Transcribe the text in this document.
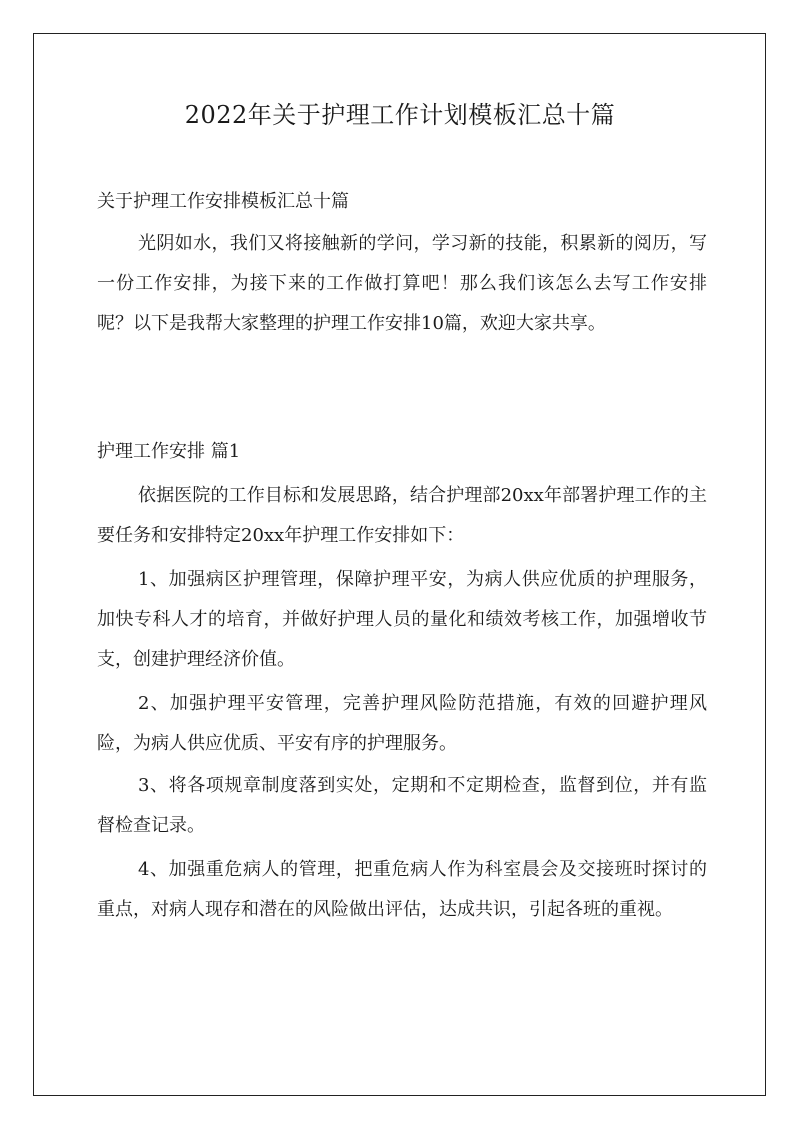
2022年关于护理工作计划模板汇总十篇
关于护理工作安排模板汇总十篇

光阴如水，我们又将接触新的学问，学习新的技能，积累新的阅历，写一份工作安排，为接下来的工作做打算吧！那么我们该怎么去写工作安排呢？以下是我帮大家整理的护理工作安排10篇，欢迎大家共享。

护理工作安排 篇1

依据医院的工作目标和发展思路，结合护理部20xx年部署护理工作的主要任务和安排特定20xx年护理工作安排如下：

1、加强病区护理管理，保障护理平安，为病人供应优质的护理服务，加快专科人才的培育，并做好护理人员的量化和绩效考核工作，加强增收节支，创建护理经济价值。

2、加强护理平安管理，完善护理风险防范措施，有效的回避护理风险，为病人供应优质、平安有序的护理服务。

3、将各项规章制度落到实处，定期和不定期检查，监督到位，并有监督检查记录。

4、加强重危病人的管理，把重危病人作为科室晨会及交接班时探讨的重点，对病人现存和潜在的风险做出评估，达成共识，引起各班的重视。
